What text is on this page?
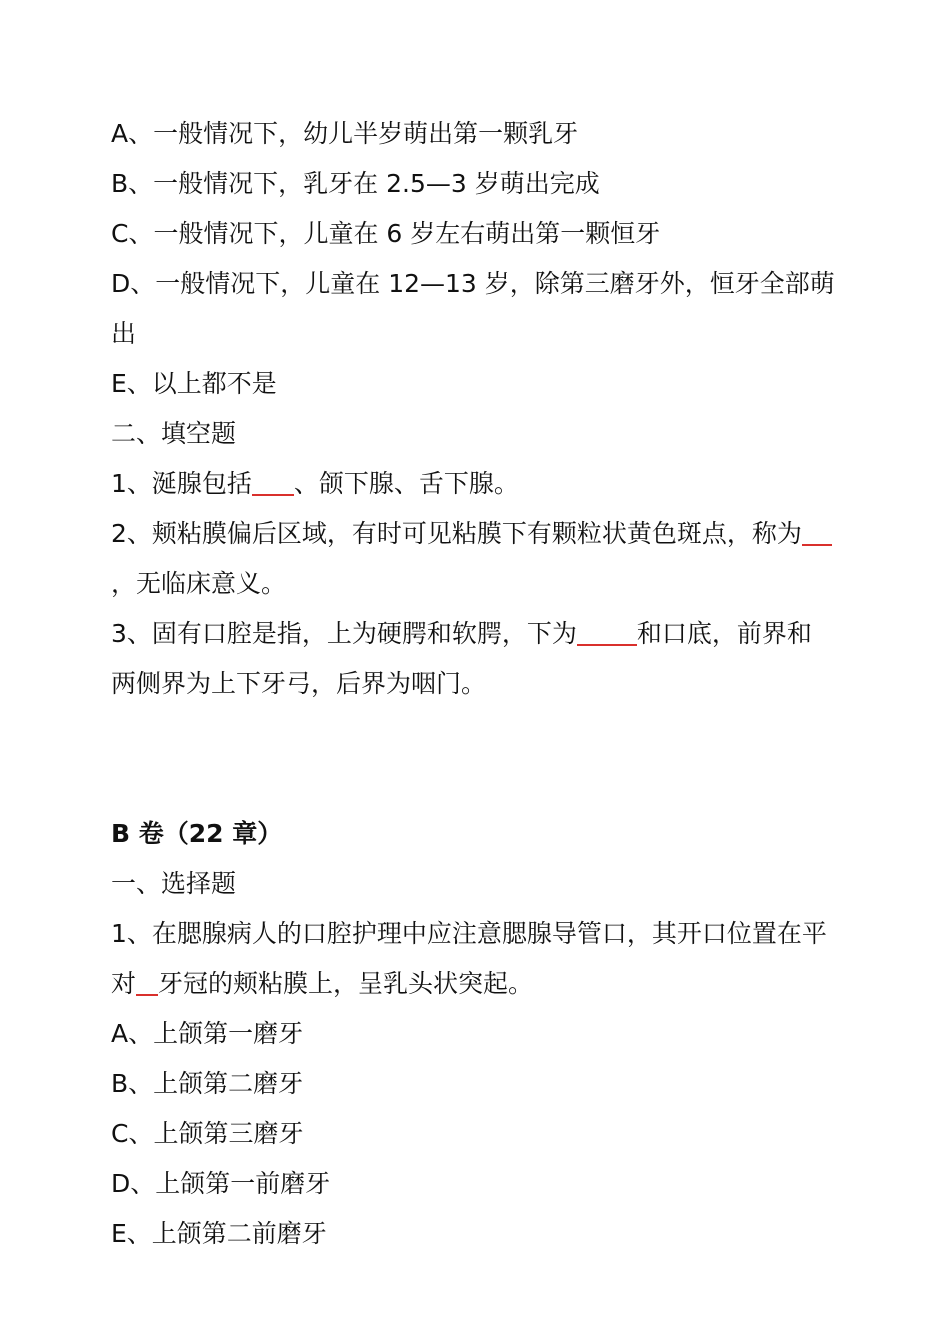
A、一般情况下，幼儿半岁萌出第一颗乳牙
B、一般情况下，乳牙在 2.5—3 岁萌出完成
C、一般情况下，儿童在 6 岁左右萌出第一颗恒牙
D、一般情况下，儿童在 12—13 岁，除第三磨牙外，恒牙全部萌
出
E、以上都不是
二、填空题
1、涎腺包括 、颌下腺、舌下腺。
2、颊粘膜偏后区域，有时可见粘膜下有颗粒状黄色斑点，称为
，无临床意义。
3、固有口腔是指，上为硬腭和软腭，下为 和口底，前界和
两侧界为上下牙弓，后界为咽门。
B 卷（22 章）
一、选择题
1、在腮腺病人的口腔护理中应注意腮腺导管口，其开口位置在平
对 牙冠的颊粘膜上，呈乳头状突起。
A、上颌第一磨牙
B、上颌第二磨牙
C、上颌第三磨牙
D、上颌第一前磨牙
E、上颌第二前磨牙
